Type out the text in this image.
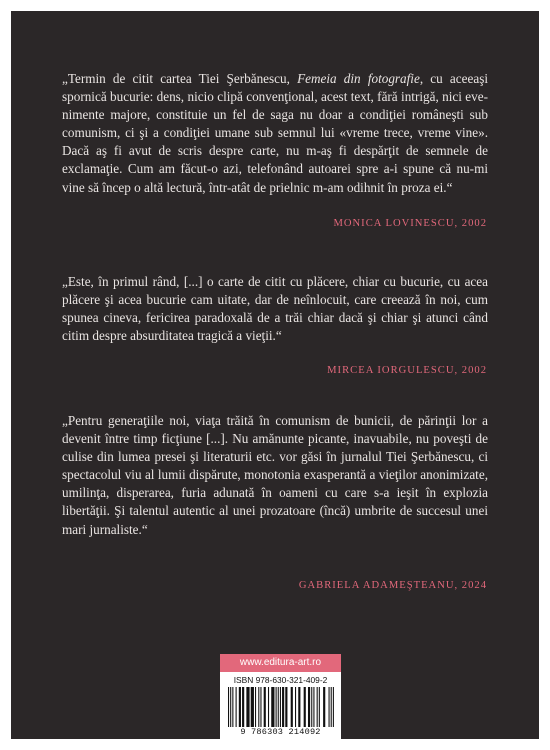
„Termin de citit cartea Tiei Şerbănescu, Femeia din fotografie, cu aceeaşi spornică bucurie: dens, nicio clipă convenţional, acest text, fără intrigă, nici evenimente majore, constituie un fel de saga nu doar a condiţiei româneşti sub comunism, ci şi a condiţiei umane sub semnul lui «vreme trece, vreme vine». Dacă aş fi avut de scris despre carte, nu m-aş fi despărţit de semnele de exclamaţie. Cum am făcut-o azi, telefonând autoarei spre a-i spune că nu-mi vine să încep o altă lectură, într-atât de prielnic m-am odihnit în proza ei.“

MONICA LOVINESCU, 2002

„Este, în primul rând, [...] o carte de citit cu plăcere, chiar cu bucurie, cu acea plăcere şi acea bucurie cam uitate, dar de neînlocuit, care creează în noi, cum spunea cineva, fericirea paradoxală de a trăi chiar dacă şi chiar şi atunci când citim despre absurditatea tragică a vieţii.“

MIRCEA IORGULESCU, 2002

„Pentru generaţiile noi, viaţa trăită în comunism de bunicii, de părinţii lor a devenit între timp ficţiune [...]. Nu amănunte picante, inavuabile, nu poveşti de culise din lumea presei şi literaturii etc. vor găsi în jurnalul Tiei Şerbănescu, ci spectacolul viu al lumii dispărute, monotonia exasperantă a vieţilor anonimizate, umilinţa, disperarea, furia adunată în oameni cu care s-a ieşit în explozia libertăţii. Şi talentul autentic al unei prozatoare (încă) umbrite de succesul unei mari jurnaliste.“

GABRIELA ADAMEŞTEANU, 2024
www.editura-art.ro
ISBN 978-630-321-409-2
9 786303 214092
